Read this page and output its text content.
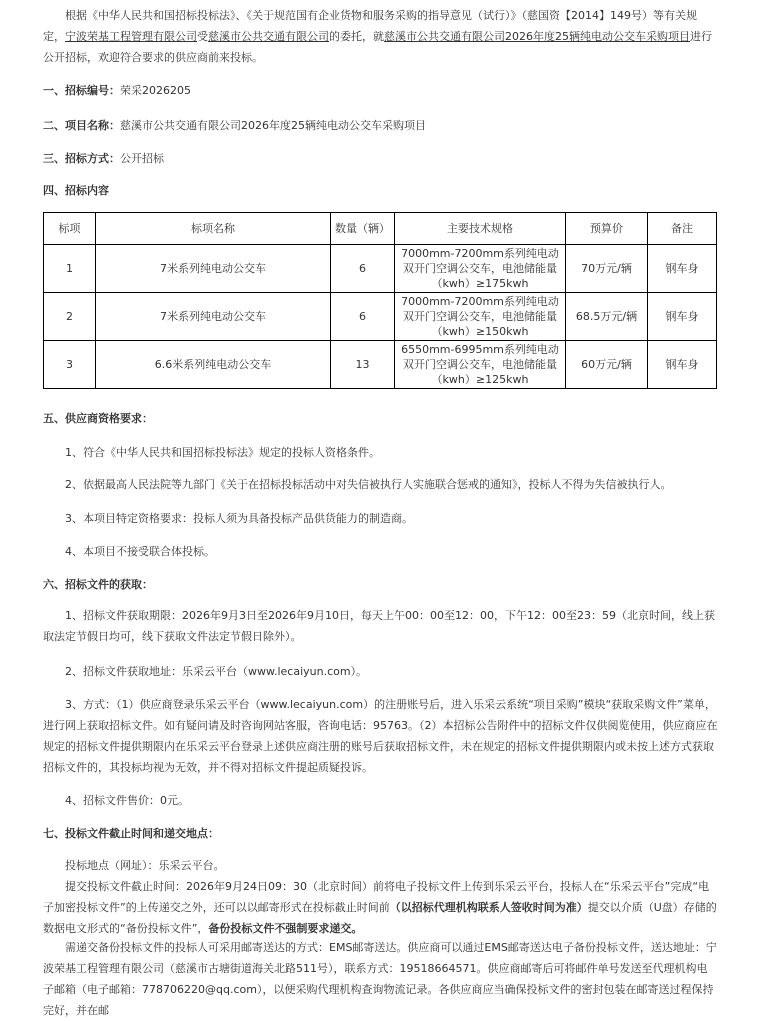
根据《中华人民共和国招标投标法》、《关于规范国有企业货物和服务采购的指导意见（试行）》（慈国资【2014】149号）等有关规定，宁波荣基工程管理有限公司受慈溪市公共交通有限公司的委托，就慈溪市公共交通有限公司2026年度25辆纯电动公交车采购项目进行公开招标，欢迎符合要求的供应商前来投标。
一、招标编号：荣采2026205
二、项目名称：慈溪市公共交通有限公司2026年度25辆纯电动公交车采购项目
三、招标方式：公开招标
四、招标内容
标项	标项名称	数量（辆）	主要技术规格	预算价	备注
1	7米系列纯电动公交车	6	7000mm-7200mm系列纯电动双开门空调公交车，电池储能量（kwh）≥175kwh	70万元/辆	钢车身
2	7米系列纯电动公交车	6	7000mm-7200mm系列纯电动双开门空调公交车，电池储能量（kwh）≥150kwh	68.5万元/辆	钢车身
3	6.6米系列纯电动公交车	13	6550mm-6995mm系列纯电动双开门空调公交车，电池储能量（kwh）≥125kwh	60万元/辆	钢车身
五、供应商资格要求：
1、符合《中华人民共和国招标投标法》规定的投标人资格条件。
2、依据最高人民法院等九部门《关于在招标投标活动中对失信被执行人实施联合惩戒的通知》，投标人不得为失信被执行人。
3、本项目特定资格要求：投标人须为具备投标产品供货能力的制造商。
4、本项目不接受联合体投标。
六、招标文件的获取：
1、招标文件获取期限：2026年9月3日至2026年9月10日，每天上午00：00至12：00，下午12：00至23：59（北京时间，线上获取法定节假日均可，线下获取文件法定节假日除外）。
2、招标文件获取地址：乐采云平台（www.lecaiyun.com）。
3、方式：（1）供应商登录乐采云平台（www.lecaiyun.com）的注册账号后，进入乐采云系统“项目采购”模块“获取采购文件”菜单，进行网上获取招标文件。如有疑问请及时咨询网站客服，咨询电话：95763。（2）本招标公告附件中的招标文件仅供阅览使用，供应商应在规定的招标文件提供期限内在乐采云平台登录上述供应商注册的账号后获取招标文件，未在规定的招标文件提供期限内或未按上述方式获取招标文件的，其投标均视为无效，并不得对招标文件提起质疑投诉。
4、招标文件售价：0元。
七、投标文件截止时间和递交地点：
投标地点（网址）：乐采云平台。
提交投标文件截止时间：2026年9月24日09：30（北京时间）前将电子投标文件上传到乐采云平台，投标人在“乐采云平台”完成“电子加密投标文件”的上传递交之外，还可以以邮寄形式在投标截止时间前（以招标代理机构联系人签收时间为准）提交以介质（U盘）存储的数据电文形式的“备份投标文件”，备份投标文件不强制要求递交。
需递交备份投标文件的投标人可采用邮寄送达的方式：EMS邮寄送达。供应商可以通过EMS邮寄送达电子备份投标文件，送达地址：宁波荣基工程管理有限公司（慈溪市古塘街道海关北路511号），联系方式：19518664571。供应商邮寄后可将邮件单号发送至代理机构电子邮箱（电子邮箱：778706220@qq.com），以便采购代理机构查询物流记录。各供应商应当确保投标文件的密封包装在邮寄送过程保持完好，并在邮
